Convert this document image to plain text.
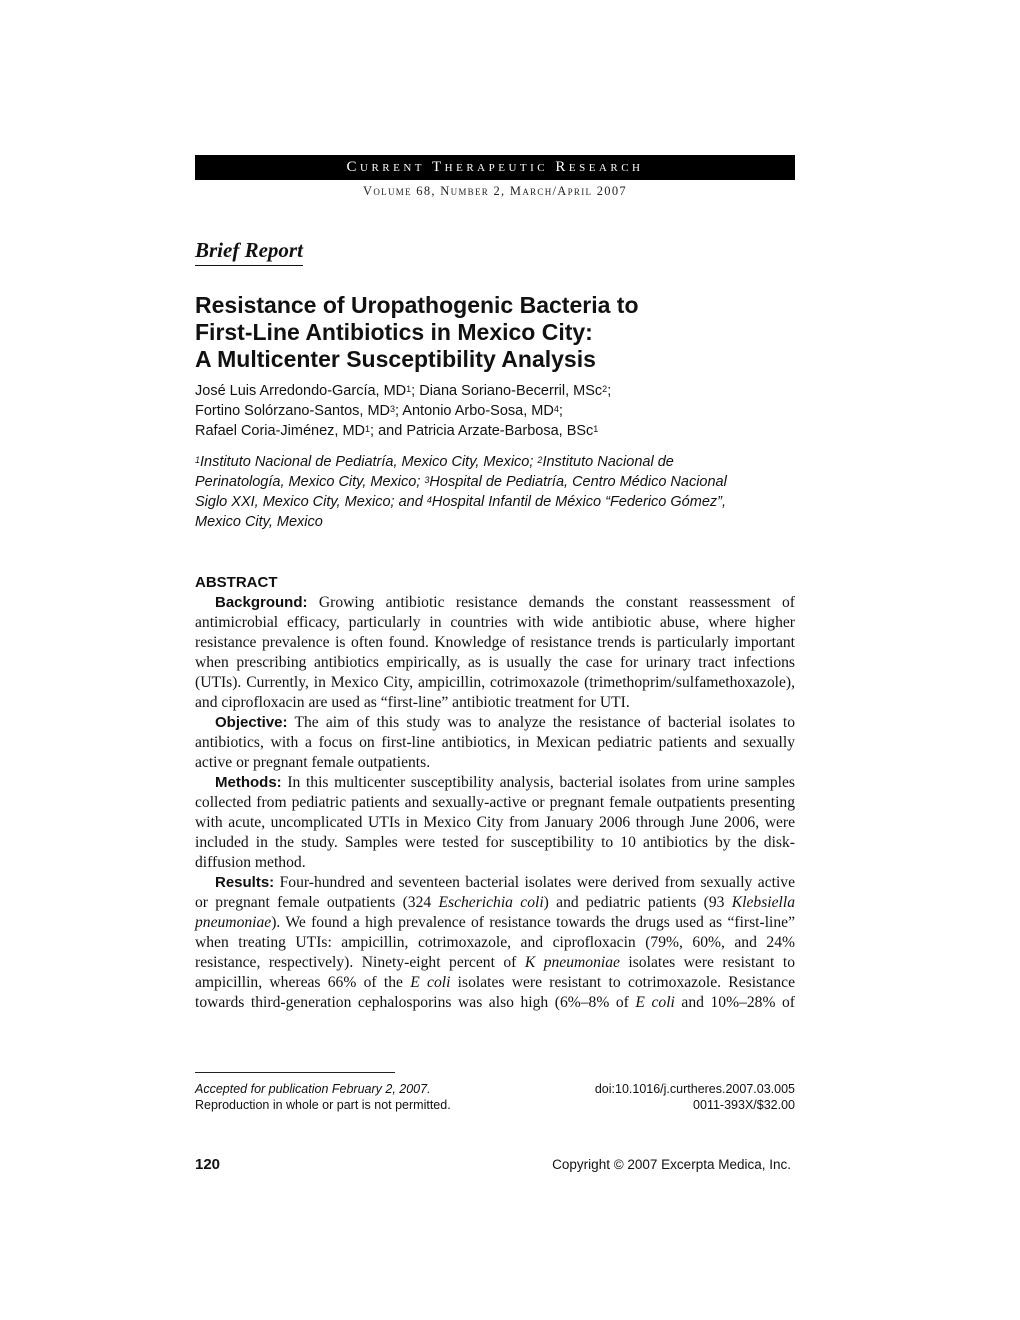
Current Therapeutic Research
Volume 68, Number 2, March/April 2007
Brief Report
Resistance of Uropathogenic Bacteria to
First-Line Antibiotics in Mexico City:
A Multicenter Susceptibility Analysis
José Luis Arredondo-García, $MD^1$; Diana Soriano-Becerril, MSc$^2$;
Fortino Solórzano-Santos, $MD^3$; Antonio Arbo-Sosa, $MD^4$;
Rafael Coria-Jiménez, $MD^1$; and Patricia Arzate-Barbosa, BSc$^1$
$^1$Instituto Nacional de Pediatría, Mexico City, Mexico; $^2$Instituto Nacional de
Perinatología, Mexico City, Mexico; $^3$Hospital de Pediatría, Centro Médico Nacional
Siglo XXI, Mexico City, Mexico; and $^4$Hospital Infantil de México “Federico Gómez”,
Mexico City, Mexico
ABSTRACT

Background: Growing antibiotic resistance demands the constant reassessment of antimicrobial efficacy, particularly in countries with wide antibiotic abuse, where higher resistance prevalence is often found. Knowledge of resistance trends is particularly important when prescribing antibiotics empirically, as is usually the case for urinary tract infections (UTIs). Currently, in Mexico City, ampicillin, cotrimoxazole (trimethoprim/sulfamethoxazole), and ciprofloxacin are used as “first-line” antibiotic treatment for UTI.

Objective: The aim of this study was to analyze the resistance of bacterial isolates to antibiotics, with a focus on first-line antibiotics, in Mexican pediatric patients and sexually active or pregnant female outpatients.

Methods: In this multicenter susceptibility analysis, bacterial isolates from urine samples collected from pediatric patients and sexually-active or pregnant female outpatients presenting with acute, uncomplicated UTIs in Mexico City from January 2006 through June 2006, were included in the study. Samples were tested for susceptibility to 10 antibiotics by the disk-diffusion method.

Results: Four-hundred and seventeen bacterial isolates were derived from sexually active or pregnant female outpatients (324 Escherichia coli) and pediatric patients (93 Klebsiella pneumoniae). We found a high prevalence of resistance towards the drugs used as “first-line” when treating UTIs: ampicillin, cotrimoxazole, and ciprofloxacin (79%, 60%, and 24% resistance, respectively). Ninety-eight percent of K pneumoniae isolates were resistant to ampicillin, whereas 66% of the E coli isolates were resistant to cotrimoxazole. Resistance towards third-generation cephalosporins was also high (6%–8% of E coli and 10%–28% of

Accepted for publication February 2, 2007.
Reproduction in whole or part is not permitted.
doi:10.1016/j.curtheres.2007.03.005
0011-393X/$32.00
120	Copyright © 2007 Excerpta Medica, Inc.
